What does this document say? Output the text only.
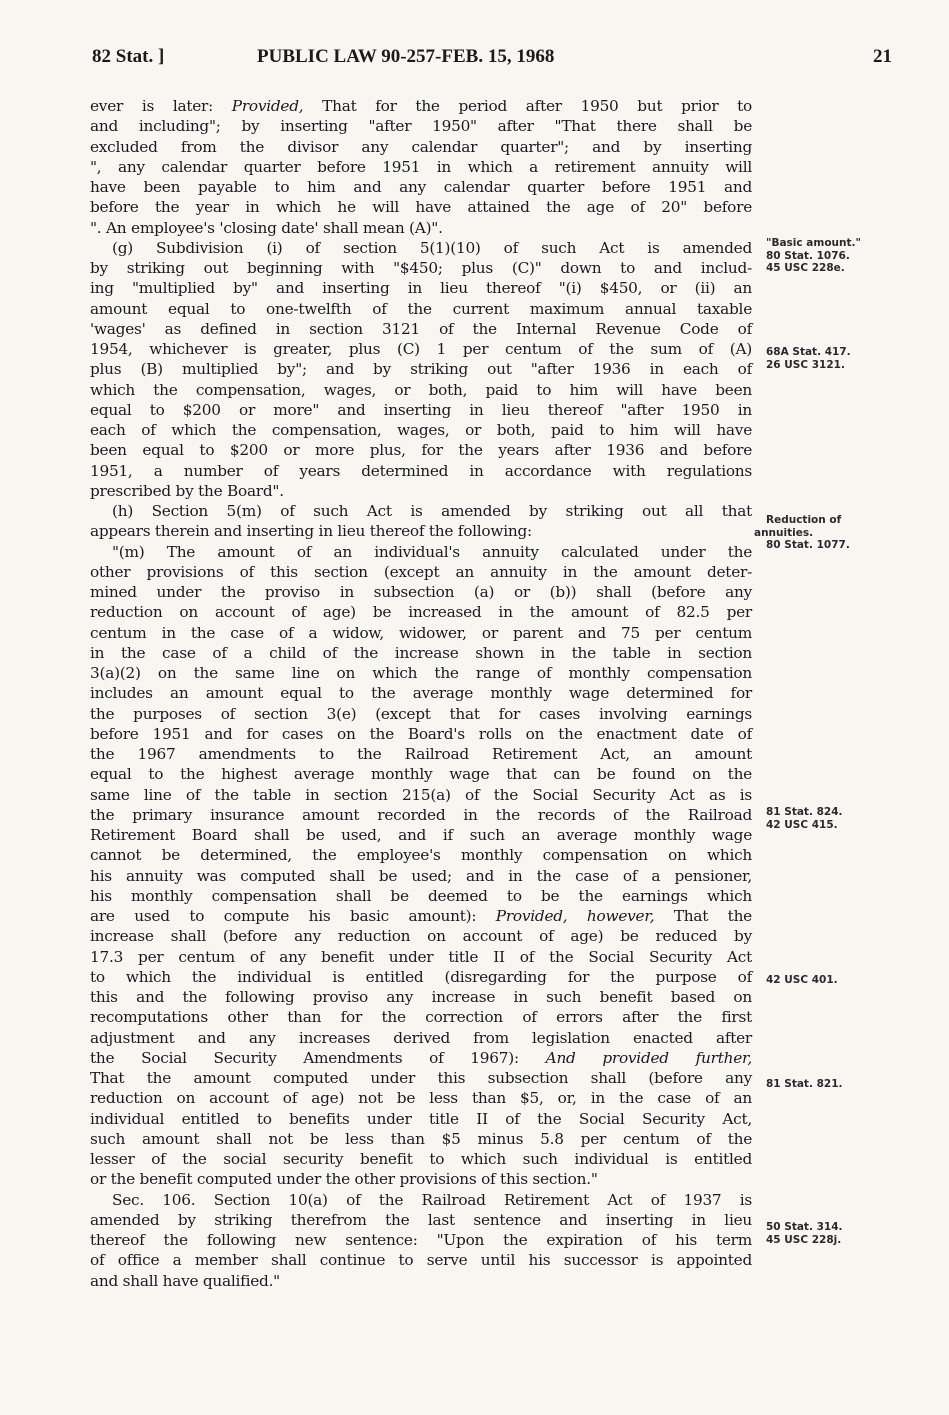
82 Stat. ]	PUBLIC LAW 90-257-FEB. 15, 1968	21
ever is later: Provided, That for the period after 1950 but prior to
and including"; by inserting "after 1950" after "That there shall be
excluded from the divisor any calendar quarter"; and by inserting
", any calendar quarter before 1951 in which a retirement annuity will
have been payable to him and any calendar quarter before 1951 and
before the year in which he will have attained the age of 20" before
". An employee's 'closing date' shall mean (A)".
(g) Subdivision (i) of section 5(1)(10) of such Act is amended
by striking out beginning with "$450; plus (C)" down to and includ-
ing "multiplied by" and inserting in lieu thereof "(i) $450, or (ii) an
amount equal to one-twelfth of the current maximum annual taxable
'wages' as defined in section 3121 of the Internal Revenue Code of
1954, whichever is greater, plus (C) 1 per centum of the sum of (A)
plus (B) multiplied by"; and by striking out "after 1936 in each of
which the compensation, wages, or both, paid to him will have been
equal to $200 or more" and inserting in lieu thereof "after 1950 in
each of which the compensation, wages, or both, paid to him will have
been equal to $200 or more plus, for the years after 1936 and before
1951, a number of years determined in accordance with regulations
prescribed by the Board".
(h) Section 5(m) of such Act is amended by striking out all that
appears therein and inserting in lieu thereof the following:
"(m) The amount of an individual's annuity calculated under the
other provisions of this section (except an annuity in the amount deter-
mined under the proviso in subsection (a) or (b)) shall (before any
reduction on account of age) be increased in the amount of 82.5 per
centum in the case of a widow, widower, or parent and 75 per centum
in the case of a child of the increase shown in the table in section
3(a)(2) on the same line on which the range of monthly compensation
includes an amount equal to the average monthly wage determined for
the purposes of section 3(e) (except that for cases involving earnings
before 1951 and for cases on the Board's rolls on the enactment date of
the 1967 amendments to the Railroad Retirement Act, an amount
equal to the highest average monthly wage that can be found on the
same line of the table in section 215(a) of the Social Security Act as is
the primary insurance amount recorded in the records of the Railroad
Retirement Board shall be used, and if such an average monthly wage
cannot be determined, the employee's monthly compensation on which
his annuity was computed shall be used; and in the case of a pensioner,
his monthly compensation shall be deemed to be the earnings which
are used to compute his basic amount): Provided, however, That the
increase shall (before any reduction on account of age) be reduced by
17.3 per centum of any benefit under title II of the Social Security Act
to which the individual is entitled (disregarding for the purpose of
this and the following proviso any increase in such benefit based on
recomputations other than for the correction of errors after the first
adjustment and any increases derived from legislation enacted after
the Social Security Amendments of 1967): And provided further,
That the amount computed under this subsection shall (before any
reduction on account of age) not be less than $5, or, in the case of an
individual entitled to benefits under title II of the Social Security Act,
such amount shall not be less than $5 minus 5.8 per centum of the
lesser of the social security benefit to which such individual is entitled
or the benefit computed under the other provisions of this section."
Sec. 106. Section 10(a) of the Railroad Retirement Act of 1937 is
amended by striking therefrom the last sentence and inserting in lieu
thereof the following new sentence: "Upon the expiration of his term
of office a member shall continue to serve until his successor is appointed
and shall have qualified."
"Basic amount."
80 Stat. 1076.
45 USC 228e.
68A Stat. 417.
26 USC 3121.
Reduction of
annuities.
80 Stat. 1077.
81 Stat. 824.
42 USC 415.
42 USC 401.
81 Stat. 821.
50 Stat. 314.
45 USC 228j.
